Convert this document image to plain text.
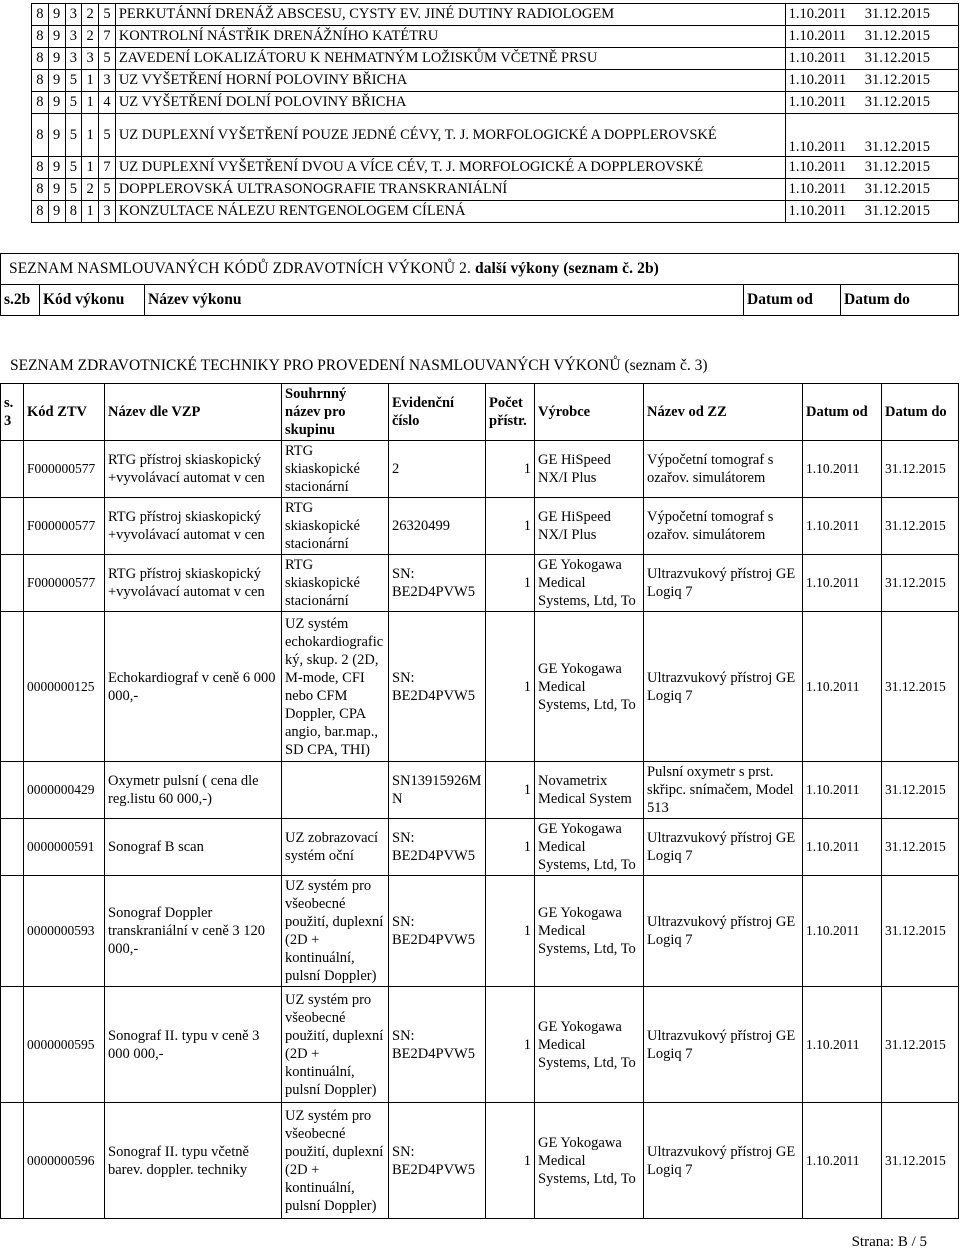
8	9	3	2	5	PERKUTÁNNÍ DRENÁŽ ABSCESU, CYSTY EV. JINÉ DUTINY RADIOLOGEM	1.10.2011	31.12.2015
8	9	3	2	7	KONTROLNÍ NÁSTŘIK DRENÁŽNÍHO KATÉTRU	1.10.2011	31.12.2015
8	9	3	3	5	ZAVEDENÍ LOKALIZÁTORU K NEHMATNÝM LOŽISKŮM VČETNĚ PRSU	1.10.2011	31.12.2015
8	9	5	1	3	UZ VYŠETŘENÍ HORNÍ POLOVINY BŘICHA	1.10.2011	31.12.2015
8	9	5	1	4	UZ VYŠETŘENÍ DOLNÍ POLOVINY BŘICHA	1.10.2011	31.12.2015
8	9	5	1	5	UZ DUPLEXNÍ VYŠETŘENÍ POUZE JEDNÉ CÉVY, T. J. MORFOLOGICKÉ A DOPPLEROVSKÉ	1.10.2011	31.12.2015
8	9	5	1	7	UZ DUPLEXNÍ VYŠETŘENÍ DVOU A VÍCE CÉV, T. J. MORFOLOGICKÉ A DOPPLEROVSKÉ	1.10.2011	31.12.2015
8	9	5	2	5	DOPPLEROVSKÁ ULTRASONOGRAFIE TRANSKRANIÁLNÍ	1.10.2011	31.12.2015
8	9	8	1	3	KONZULTACE NÁLEZU RENTGENOLOGEM CÍLENÁ	1.10.2011	31.12.2015
SEZNAM NASMLOUVANÝCH KÓDŮ ZDRAVOTNÍCH VÝKONŮ 2. další výkony (seznam č. 2b)
s.2b	Kód výkonu	Název výkonu	Datum od	Datum do
SEZNAM ZDRAVOTNICKÉ TECHNIKY PRO PROVEDENÍ NASMLOUVANÝCH VÝKONŮ (seznam č. 3)
s. 3	Kód ZTV	Název dle VZP	Souhrnný název pro skupinu	Evidenční číslo	Počet přístr.	Výrobce	Název od ZZ	Datum od	Datum do
	F000000577	RTG přístroj skiaskopický +vyvolávací automat v cen	RTG skiaskopické stacionární	2	1	GE HiSpeed NX/I Plus	Výpočetní tomograf s ozařov. simulátorem	1.10.2011	31.12.2015
	F000000577	RTG přístroj skiaskopický +vyvolávací automat v cen	RTG skiaskopické stacionární	26320499	1	GE HiSpeed NX/I Plus	Výpočetní tomograf s ozařov. simulátorem	1.10.2011	31.12.2015
	F000000577	RTG přístroj skiaskopický +vyvolávací automat v cen	RTG skiaskopické stacionární	SN: BE2D4PVW5	1	GE Yokogawa Medical Systems, Ltd, To	Ultrazvukový přístroj GE Logiq 7	1.10.2011	31.12.2015
	0000000125	Echokardiograf v ceně 6 000 000,-	UZ systém echokardiografic ký, skup. 2 (2D, M-mode, CFI nebo CFM Doppler, CPA angio, bar.map., SD CPA, THI)	SN: BE2D4PVW5	1	GE Yokogawa Medical Systems, Ltd, To	Ultrazvukový přístroj GE Logiq 7	1.10.2011	31.12.2015
	0000000429	Oxymetr pulsní ( cena dle reg.listu 60 000,-)		SN13915926M N	1	Novametrix Medical System	Pulsní oxymetr s prst. skřipc. snímačem, Model 513	1.10.2011	31.12.2015
	0000000591	Sonograf B scan	UZ zobrazovací systém oční	SN: BE2D4PVW5	1	GE Yokogawa Medical Systems, Ltd, To	Ultrazvukový přístroj GE Logiq 7	1.10.2011	31.12.2015
	0000000593	Sonograf Doppler transkraniální v ceně 3 120 000,-	UZ systém pro všeobecné použití, duplexní (2D + kontinuální, pulsní Doppler)	SN: BE2D4PVW5	1	GE Yokogawa Medical Systems, Ltd, To	Ultrazvukový přístroj GE Logiq 7	1.10.2011	31.12.2015
	0000000595	Sonograf II. typu v ceně 3 000 000,-	UZ systém pro všeobecné použití, duplexní (2D + kontinuální, pulsní Doppler)	SN: BE2D4PVW5	1	GE Yokogawa Medical Systems, Ltd, To	Ultrazvukový přístroj GE Logiq 7	1.10.2011	31.12.2015
	0000000596	Sonograf II. typu včetně barev. doppler. techniky	UZ systém pro všeobecné použití, duplexní (2D + kontinuální, pulsní Doppler)	SN: BE2D4PVW5	1	GE Yokogawa Medical Systems, Ltd, To	Ultrazvukový přístroj GE Logiq 7	1.10.2011	31.12.2015
Strana: B / 5
